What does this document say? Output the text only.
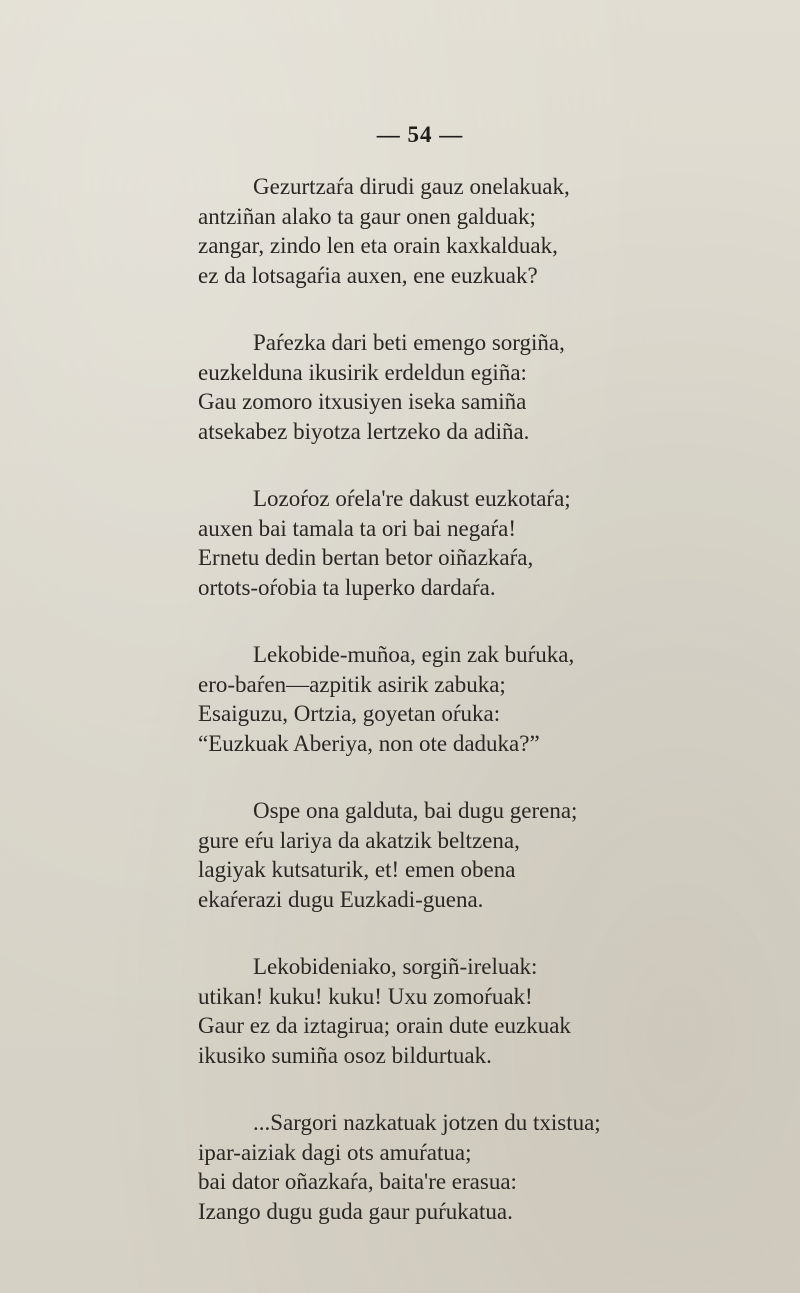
— 54 —
Gezurtzaŕa dirudi gauz onelakuak,
antziñan alako ta gaur onen galduak;
zangar, zindo len eta orain kaxkalduak,
ez da lotsagaŕia auxen, ene euzkuak?
Paŕezka dari beti emengo sorgiña,
euzkelduna ikusirik erdeldun egiña:
Gau zomoro itxusiyen iseka samiña
atsekabez biyotza lertzeko da adiña.
Lozoŕoz oŕela're dakust euzkotaŕa;
auxen bai tamala ta ori bai negaŕa!
Ernetu dedin bertan betor oiñazkaŕa,
ortots-oŕobia ta luperko dardaŕa.
Lekobide-muñoa, egin zak buŕuka,
ero-baŕen—azpitik asirik zabuka;
Esaiguzu, Ortzia, goyetan oŕuka:
“Euzkuak Aberiya, non ote daduka?”
Ospe ona galduta, bai dugu gerena;
gure eŕu lariya da akatzik beltzena,
lagiyak kutsaturik, et! emen obena
ekaŕerazi dugu Euzkadi-guena.
Lekobideniako, sorgiñ-ireluak:
utikan! kuku! kuku! Uxu zomoŕuak!
Gaur ez da iztagirua; orain dute euzkuak
ikusiko sumiña osoz bildurtuak.
...Sargori nazkatuak jotzen du txistua;
ipar-aiziak dagi ots amuŕatua;
bai dator oñazkaŕa, baita're erasua:
Izango dugu guda gaur puŕukatua.
